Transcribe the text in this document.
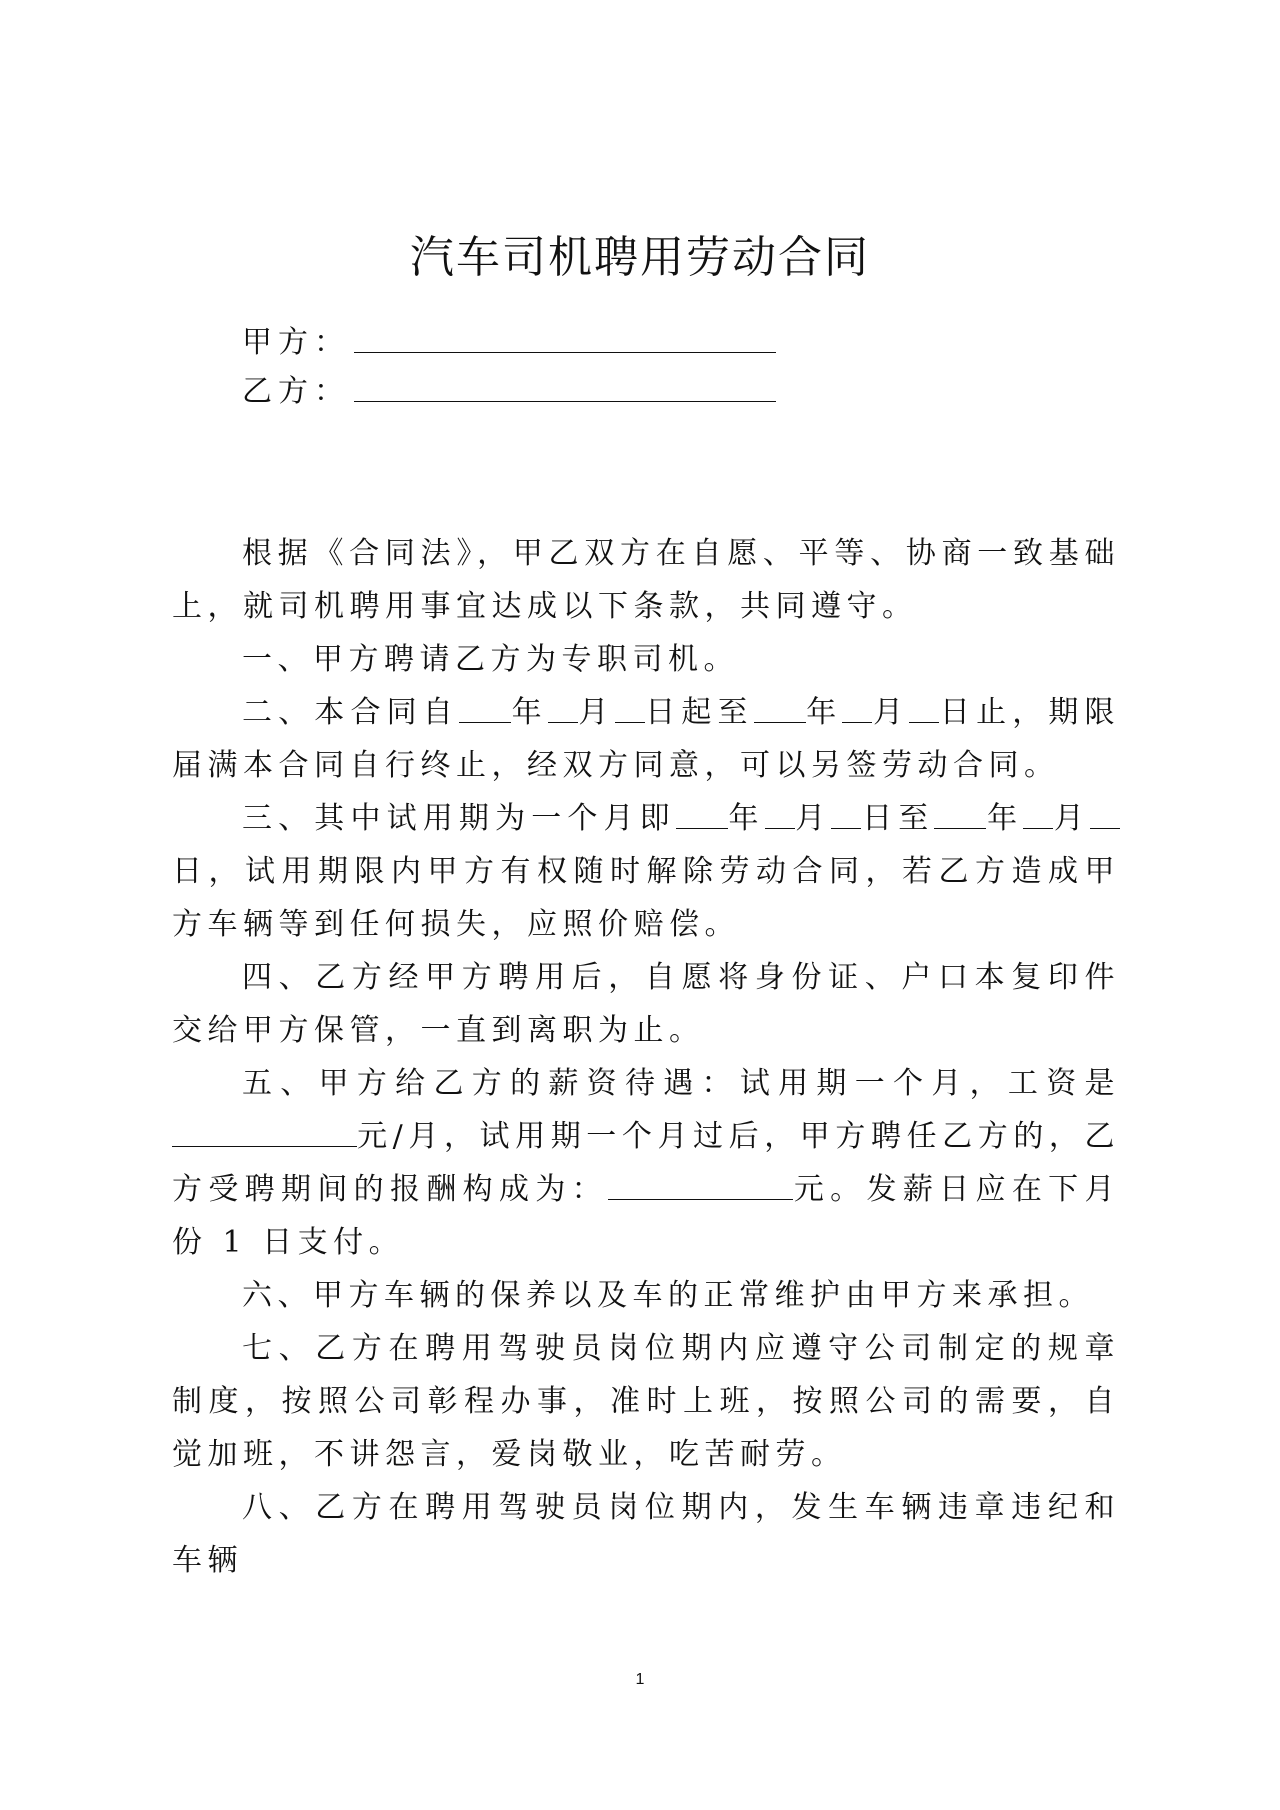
汽车司机聘用劳动合同
甲方：
乙方：

根据《合同法》，甲乙双方在自愿、平等、协商一致基础上，就司机聘用事宜达成以下条款，共同遵守。

一、甲方聘请乙方为专职司机。

二、本合同自 年 月 日起至 年 月 日止，期限届满本合同自行终止，经双方同意，可以另签劳动合同。

三、其中试用期为一个月即 年 月 日至 年 月日，试用期限内甲方有权随时解除劳动合同，若乙方造成甲方车辆等到任何损失，应照价赔偿。

四、乙方经甲方聘用后，自愿将身份证、户口本复印件交给甲方保管，一直到离职为止。

五、甲方给乙方的薪资待遇：试用期一个月，工资是元/月，试用期一个月过后，甲方聘任乙方的，乙方受聘期间的报酬构成为：	元。发薪日应在下月份 1 日支付。

六、甲方车辆的保养以及车的正常维护由甲方来承担。

七、乙方在聘用驾驶员岗位期内应遵守公司制定的规章制度，按照公司彰程办事，准时上班，按照公司的需要，自觉加班，不讲怨言，爱岗敬业，吃苦耐劳。

八、乙方在聘用驾驶员岗位期内，发生车辆违章违纪和车辆

1
